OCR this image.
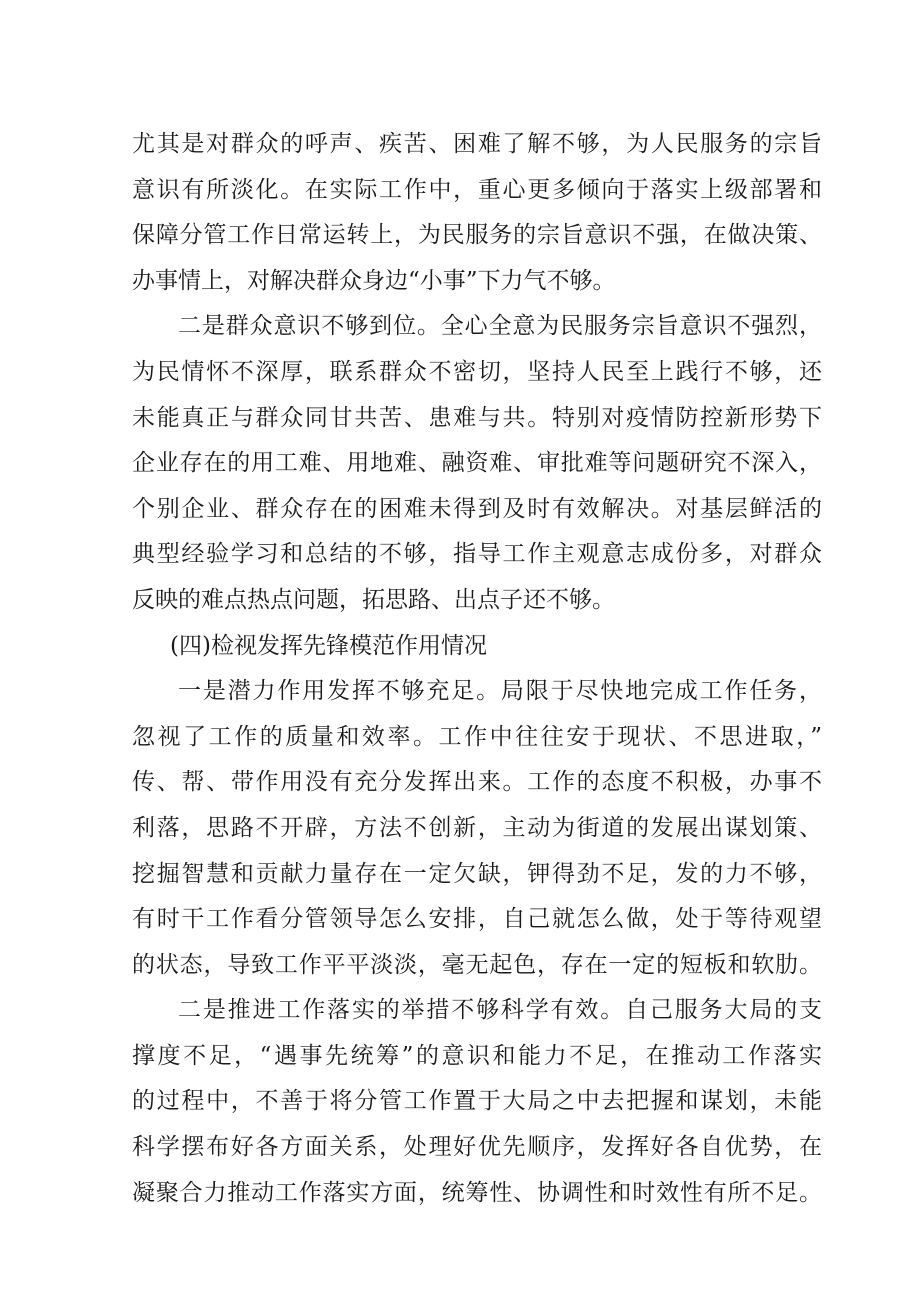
尤其是对群众的呼声、疾苦、困难了解不够，为人民服务的宗旨
意识有所淡化。在实际工作中，重心更多倾向于落实上级部署和
保障分管工作日常运转上，为民服务的宗旨意识不强，在做决策、
办事情上，对解决群众身边“小事”下力气不够。
二是群众意识不够到位。全心全意为民服务宗旨意识不强烈，
为民情怀不深厚，联系群众不密切，坚持人民至上践行不够，还
未能真正与群众同甘共苦、患难与共。特别对疫情防控新形势下
企业存在的用工难、用地难、融资难、审批难等问题研究不深入，
个别企业、群众存在的困难未得到及时有效解决。对基层鲜活的
典型经验学习和总结的不够，指导工作主观意志成份多，对群众
反映的难点热点问题，拓思路、出点子还不够。
(四)检视发挥先锋模范作用情况
一是潜力作用发挥不够充足。局限于尽快地完成工作任务，
忽视了工作的质量和效率。工作中往往安于现状、不思进取，”
传、帮、带作用没有充分发挥出来。工作的态度不积极，办事不
利落，思路不开辟，方法不创新，主动为街道的发展出谋划策、
挖掘智慧和贡献力量存在一定欠缺，钾得劲不足，发的力不够，
有时干工作看分管领导怎么安排，自己就怎么做，处于等待观望
的状态，导致工作平平淡淡，毫无起色，存在一定的短板和软肋。
二是推进工作落实的举措不够科学有效。自己服务大局的支
撑度不足，“遇事先统筹”的意识和能力不足，在推动工作落实
的过程中，不善于将分管工作置于大局之中去把握和谋划，未能
科学摆布好各方面关系，处理好优先顺序，发挥好各自优势，在
凝聚合力推动工作落实方面，统筹性、协调性和时效性有所不足。
